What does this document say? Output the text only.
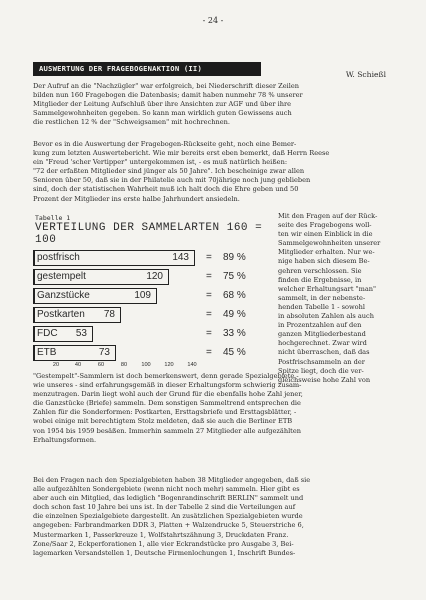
- 24 -
AUSWERTUNG DER FRAGEBOGENAKTION (II)
W. Schießl
Der Aufruf an die "Nachzügler" war erfolgreich, bei Niederschrift dieser Zeilen
bilden nun 160 Fragebogen die Datenbasis; damit haben nunmehr 78 % unserer
Mitglieder der Leitung Aufschluß über ihre Ansichten zur AGF und über ihre
Sammelgewohnheiten gegeben. So kann man wirklich guten Gewissens auch
die restlichen 12 % der "Schweigsamen" mit hochrechnen.
Bevor es in die Auswertung der Fragebogen-Rückseite geht, noch eine Bemer-
kung zum letzten Auswertebericht. Wie mir bereits erst eben bemerkt, daß Herrn Reese
ein "Freud 'scher Vertipper" untergekommen ist, - es muß natürlich heißen:
"72 der erfaßten Mitglieder sind jünger als 50 Jahre". Ich bescheinige zwar allen
Senioren über 50, daß sie in der Philatelie auch mit 70jährige noch jung geblieben
sind, doch der statistischen Wahrheit muß ich halt doch die Ehre geben und 50
Prozent der Mitglieder ins erste halbe Jahrhundert ansiedeln.
Tabelle 1
VERTEILUNG DER SAMMELARTEN 160 = 100
postfrisch	143 = 89 %
gestempelt	120	= 75 %
Ganzstücke	109	= 68 %
Postkarten	78	= 49 %
FDC	53	= 33 %
ETB	73	= 45 %
20	40	60	80	100 120 140
Mit den Fragen auf der Rück-
seite des Fragebogens woll-
ten wir einen Einblick in die
Sammelgewohnheiten unserer
Mitglieder erhalten. Nur we-
nige haben sich diesem Be-
gehren verschlossen. Sie
finden die Ergebnisse, in
welcher Erhaltungsart "man"
sammelt, in der nebenste-
henden Tabelle 1 - sowohl
in absoluten Zahlen als auch
in Prozentzahlen auf den
ganzen Mitgliederbestand
hochgerechnet. Zwar wird
nicht überraschen, daß das
Postfrischsammeln an der
Spitze liegt, doch die ver-
gleichsweise hohe Zahl von
"Gestempelt"-Sammlern ist doch bemerkenswert, denn gerade Spezialgebiete -
wie unseres - sind erfahrungsgemäß in dieser Erhaltungsform schwierig zusam-
menzutragen. Darin liegt wohl auch der Grund für die ebenfalls hohe Zahl jener,
die Ganzstücke (Briefe) sammeln. Dem sonstigen Sammeltrend entsprechen die
Zahlen für die Sonderformen: Postkarten, Ersttagsbriefe und Ersttagsblätter, -
wobei einige mit berechtigtem Stolz meldeten, daß sie auch die Berliner ETB
von 1954 bis 1959 besäßen. Immerhin sammeln 27 Mitglieder alle aufgezählten
Erhaltungsformen.
Bei den Fragen nach den Spezialgebieten haben 38 Mitglieder angegeben, daß sie
alle aufgezählten Sondergebiete (wenn nicht noch mehr) sammeln. Hier gibt es
aber auch ein Mitglied, das lediglich "Bogenrandinschrift BERLIN" sammelt und
doch schon fast 10 Jahre bei uns ist. In der Tabelle 2 sind die Verteilungen auf
die einzelnen Spezialgebiete dargestellt. An zusätzlichen Spezialgebieten wurde
angegeben: Farbrandmarken DDR 3, Platten + Walzendrucke 5, Steuerstriche 6,
Mustermarken 1, Passerkreuze 1, Wolfstahrtszähnung 3, Druckdaten Franz.
Zone/Saar 2, Eckperforationen 1, alle vier Eckrandstücke pro Ausgabe 3, Bei-
lagemarken Versandstellen 1, Deutsche Firmenlochungen 1, Inschrift Bundes-
